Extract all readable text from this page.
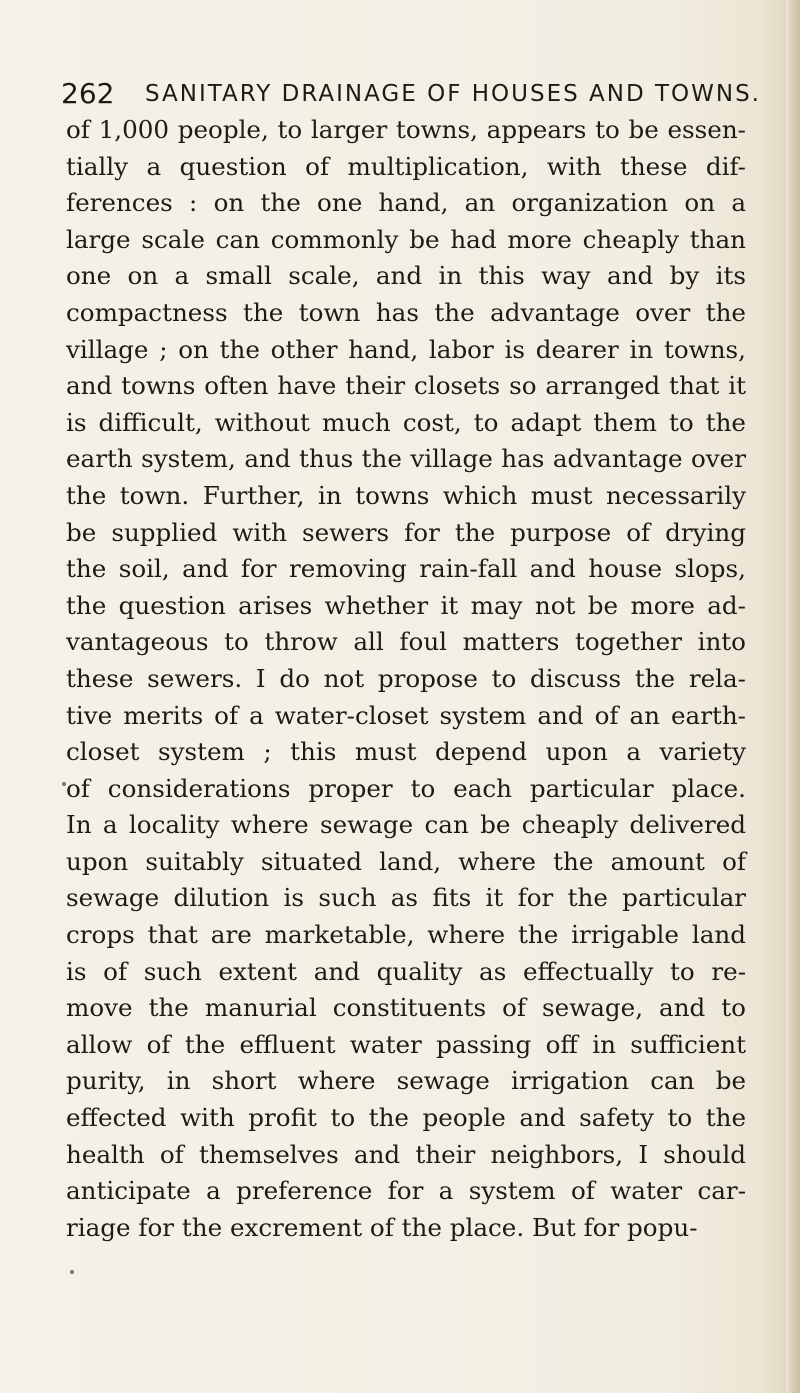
262 SANITARY DRAINAGE OF HOUSES AND TOWNS.
of 1,000 people, to larger towns, appears to be essen-
tially a question of multiplication, with these dif-
ferences : on the one hand, an organization on a
large scale can commonly be had more cheaply than
one on a small scale, and in this way and by its
compactness the town has the advantage over the
village ; on the other hand, labor is dearer in towns,
and towns often have their closets so arranged that it
is difficult, without much cost, to adapt them to the
earth system, and thus the village has advantage over
the town. Further, in towns which must necessarily
be supplied with sewers for the purpose of drying
the soil, and for removing rain-fall and house slops,
the question arises whether it may not be more ad-
vantageous to throw all foul matters together into
these sewers. I do not propose to discuss the rela-
tive merits of a water-closet system and of an earth-
closet system ; this must depend upon a variety
of considerations proper to each particular place.
In a locality where sewage can be cheaply delivered
upon suitably situated land, where the amount of
sewage dilution is such as fits it for the particular
crops that are marketable, where the irrigable land
is of such extent and quality as effectually to re-
move the manurial constituents of sewage, and to
allow of the effluent water passing off in sufficient
purity, in short where sewage irrigation can be
effected with profit to the people and safety to the
health of themselves and their neighbors, I should
anticipate a preference for a system of water car-
riage for the excrement of the place. But for popu-
